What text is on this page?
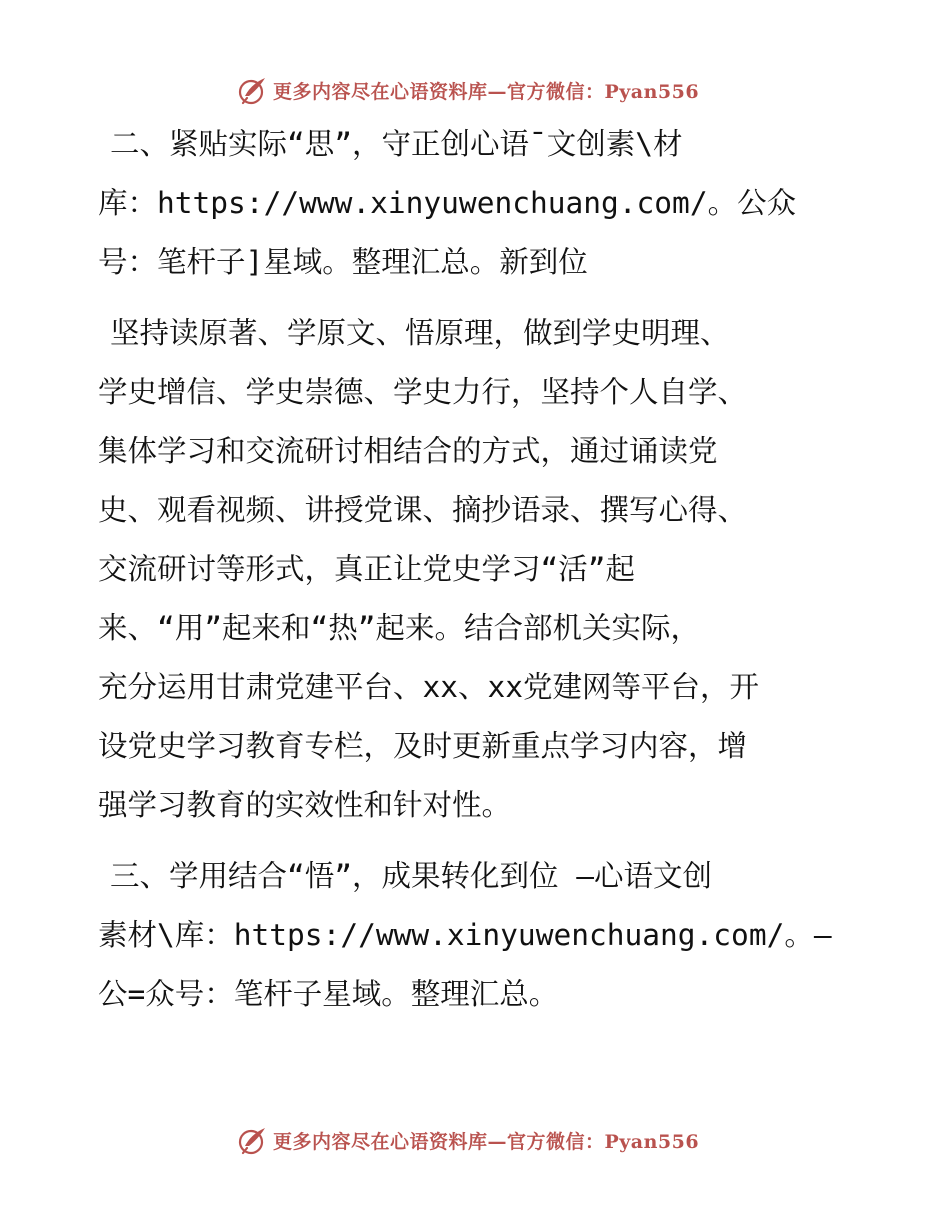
更多内容尽在心语资料库—官方微信：Pyan556

二、紧贴实际“思”，守正创心语¯文创素\材

库：https://www.xinyuwenchuang.com/。公众

号：笔杆子]星域。整理汇总。新到位

坚持读原著、学原文、悟原理，做到学史明理、

学史增信、学史崇德、学史力行，坚持个人自学、

集体学习和交流研讨相结合的方式，通过诵读党

史、观看视频、讲授党课、摘抄语录、撰写心得、

交流研讨等形式，真正让党史学习“活”起

来、“用”起来和“热”起来。结合部机关实际，

充分运用甘肃党建平台、xx、xx党建网等平台，开

设党史学习教育专栏，及时更新重点学习内容，增

强学习教育的实效性和针对性。

三、学用结合“悟”，成果转化到位 —心语文创

素材\库：https://www.xinyuwenchuang.com/。—

公=众号：笔杆子星域。整理汇总。

更多内容尽在心语资料库—官方微信：Pyan556
